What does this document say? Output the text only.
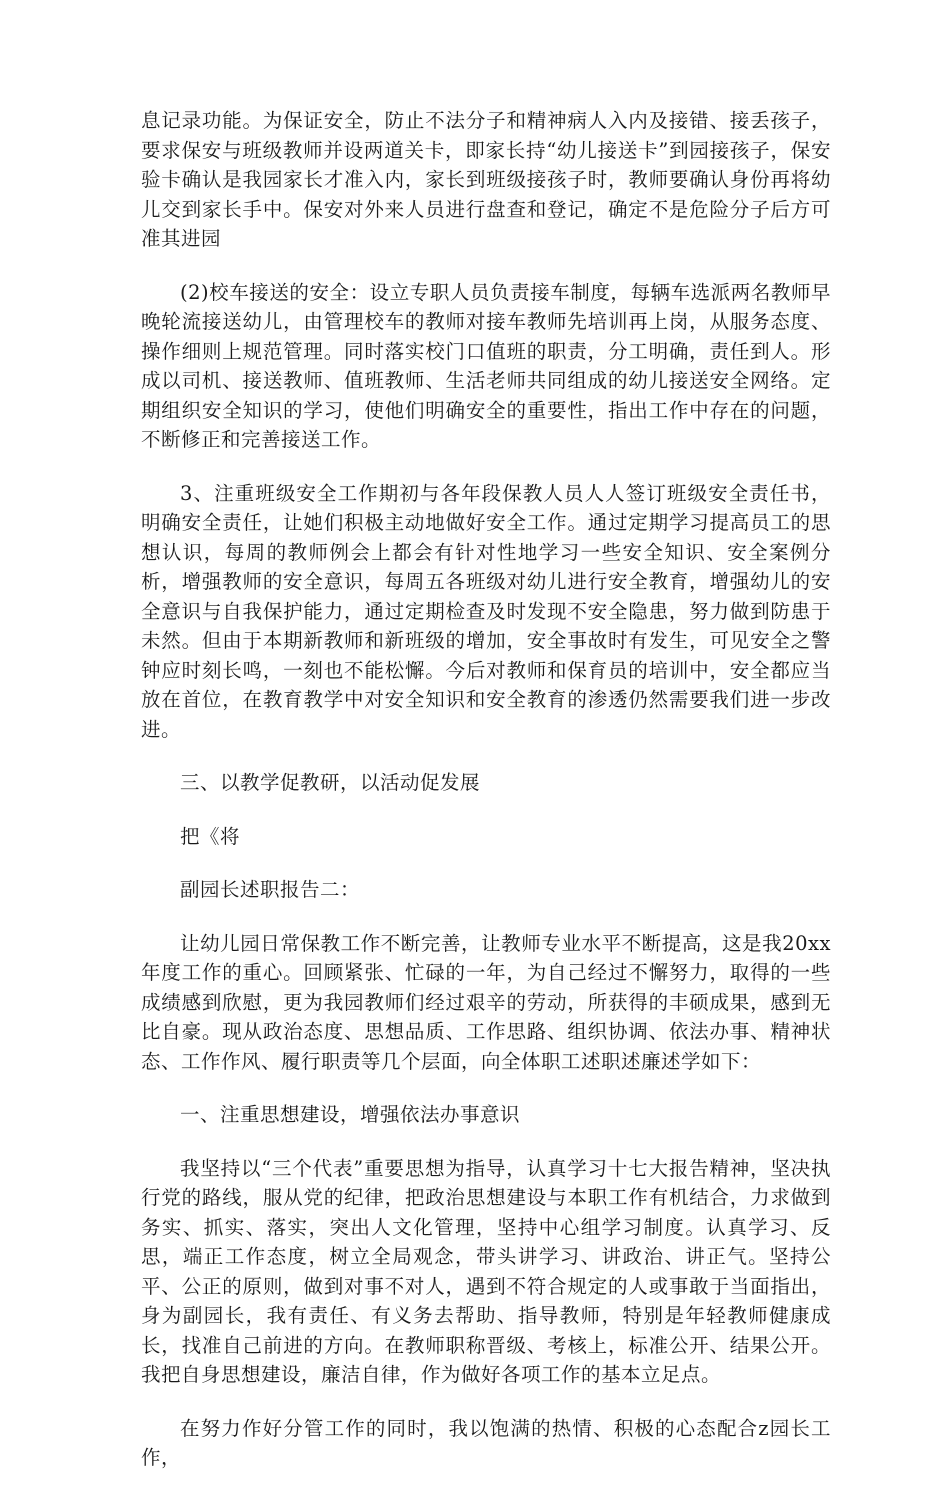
息记录功能。为保证安全，防止不法分子和精神病人入内及接错、接丢孩子，要求保安与班级教师并设两道关卡，即家长持“幼儿接送卡”到园接孩子，保安验卡确认是我园家长才准入内，家长到班级接孩子时，教师要确认身份再将幼儿交到家长手中。保安对外来人员进行盘查和登记，确定不是危险分子后方可准其进园

(2)校车接送的安全：设立专职人员负责接车制度，每辆车选派两名教师早晚轮流接送幼儿，由管理校车的教师对接车教师先培训再上岗，从服务态度、操作细则上规范管理。同时落实校门口值班的职责，分工明确，责任到人。形成以司机、接送教师、值班教师、生活老师共同组成的幼儿接送安全网络。定期组织安全知识的学习，使他们明确安全的重要性，指出工作中存在的问题，不断修正和完善接送工作。

3、注重班级安全工作期初与各年段保教人员人人签订班级安全责任书，明确安全责任，让她们积极主动地做好安全工作。通过定期学习提高员工的思想认识，每周的教师例会上都会有针对性地学习一些安全知识、安全案例分析，增强教师的安全意识，每周五各班级对幼儿进行安全教育，增强幼儿的安全意识与自我保护能力，通过定期检查及时发现不安全隐患，努力做到防患于未然。但由于本期新教师和新班级的增加，安全事故时有发生，可见安全之警钟应时刻长鸣，一刻也不能松懈。今后对教师和保育员的培训中，安全都应当放在首位，在教育教学中对安全知识和安全教育的渗透仍然需要我们进一步改进。

三、以教学促教研，以活动促发展

把《将

副园长述职报告二：

让幼儿园日常保教工作不断完善，让教师专业水平不断提高，这是我20xx年度工作的重心。回顾紧张、忙碌的一年，为自己经过不懈努力，取得的一些成绩感到欣慰，更为我园教师们经过艰辛的劳动，所获得的丰硕成果，感到无比自豪。现从政治态度、思想品质、工作思路、组织协调、依法办事、精神状态、工作作风、履行职责等几个层面，向全体职工述职述廉述学如下：

一、注重思想建设，增强依法办事意识

我坚持以“三个代表”重要思想为指导，认真学习十七大报告精神，坚决执行党的路线，服从党的纪律，把政治思想建设与本职工作有机结合，力求做到务实、抓实、落实，突出人文化管理，坚持中心组学习制度。认真学习、反思，端正工作态度，树立全局观念，带头讲学习、讲政治、讲正气。坚持公平、公正的原则，做到对事不对人，遇到不符合规定的人或事敢于当面指出，身为副园长，我有责任、有义务去帮助、指导教师，特别是年轻教师健康成长，找准自己前进的方向。在教师职称晋级、考核上，标准公开、结果公开。我把自身思想建设，廉洁自律，作为做好各项工作的基本立足点。

在努力作好分管工作的同时，我以饱满的热情、积极的心态配合z园长工作，
